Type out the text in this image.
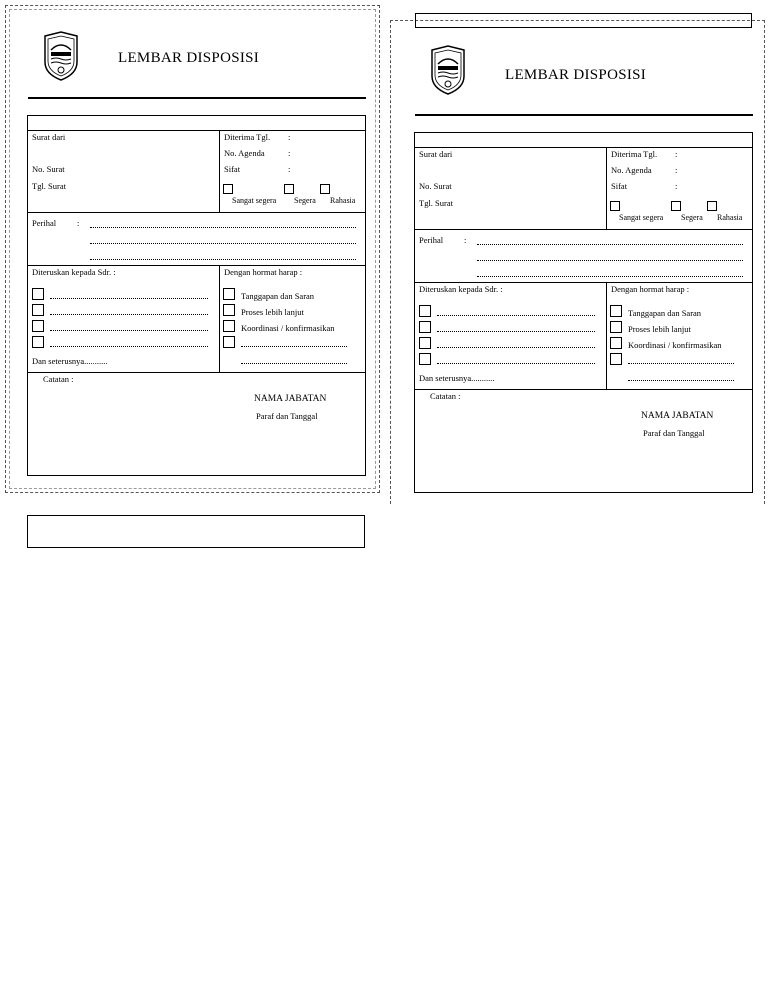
LEMBAR DISPOSISI
Surat dari
No. Surat
Tgl. Surat
Diterima Tgl. :
No. Agenda	:
Sifat	:
Sangat segera Segera Rahasia
Perihal :
Diteruskan kepada Sdr. :
Dan seterusnya
............
Dengan hormat harap :
Tanggapan dan Saran
Proses lebih lanjut
Koordinasi / konfirmasikan
Catatan :
NAMA JABATAN
Paraf dan Tanggal
LEMBAR DISPOSISI
Surat dari
No. Surat
Tgl. Surat
Diterima Tgl. :
No. Agenda	:
Sifat	:
Sangat segera Segera Rahasia
Perihal :
Diteruskan kepada Sdr. :
Dan seterusnya
............
Dengan hormat harap :
Tanggapan dan Saran
Proses lebih lanjut
Koordinasi / konfirmasikan
Catatan :
NAMA JABATAN
Paraf dan Tanggal
